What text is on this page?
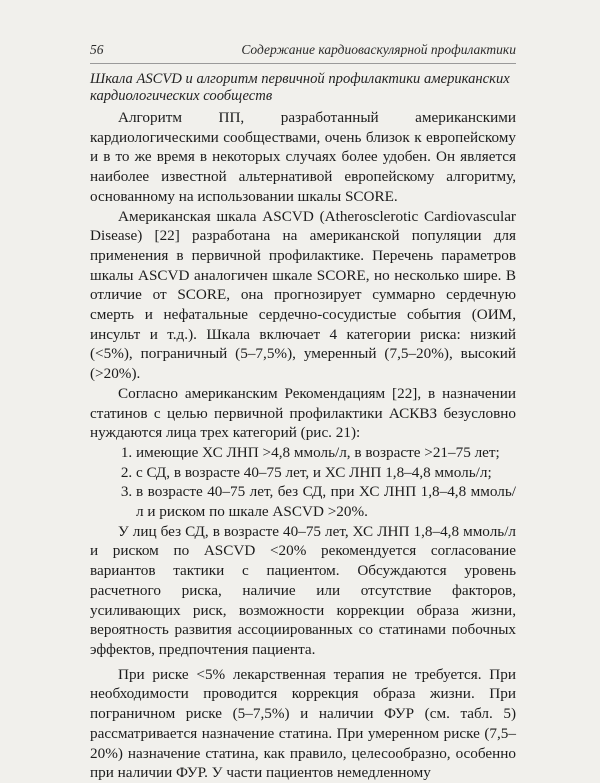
56	Содержание кардиоваскулярной профилактики
Шкала ASCVD и алгоритм первичной профилактики американских кардиологических сообществ

Алгоритм ПП, разработанный американскими кардиологическими сообществами, очень близок к европейскому и в то же время в некоторых случаях более удобен. Он является наиболее известной альтернативой европейскому алгоритму, основанному на использовании шкалы SCORE.

Американская шкала ASCVD (Atherosclerotic Cardiovascular Disease) [22] разработана на американской популяции для применения в первичной профилактике. Перечень параметров шкалы ASCVD аналогичен шкале SCORE, но несколько шире. В отличие от SCORE, она прогнозирует суммарно сердечную смерть и нефатальные сердечно-сосудистые события (ОИМ, инсульт и т.д.). Шкала включает 4 категории риска: низкий (<5%), пограничный (5–7,5%), умеренный (7,5–20%), высокий (>20%).

Согласно американским Рекомендациям [22], в назначении статинов с целью первичной профилактики АСКВЗ безусловно нуждаются лица трех категорий (рис. 21):

1. имеющие ХС ЛНП >4,8 ммоль/л, в возрасте >21–75 лет;
2. с СД, в возрасте 40–75 лет, и ХС ЛНП 1,8–4,8 ммоль/л;
3. в возрасте 40–75 лет, без СД, при ХС ЛНП 1,8–4,8 ммоль/л и риском по шкале ASCVD >20%.

У лиц без СД, в возрасте 40–75 лет, ХС ЛНП 1,8–4,8 ммоль/л и риском по ASCVD <20% рекомендуется согласование вариантов тактики с пациентом. Обсуждаются уровень расчетного риска, наличие или отсутствие факторов, усиливающих риск, возможности коррекции образа жизни, вероятность развития ассоциированных со статинами побочных эффектов, предпочтения пациента.

При риске <5% лекарственная терапия не требуется. При необходимости проводится коррекция образа жизни. При пограничном риске (5–7,5%) и наличии ФУР (см. табл. 5) рассматривается назначение статина. При умеренном риске (7,5–20%) назначение статина, как правило, целесообразно, особенно при наличии ФУР. У части пациентов немедленному
